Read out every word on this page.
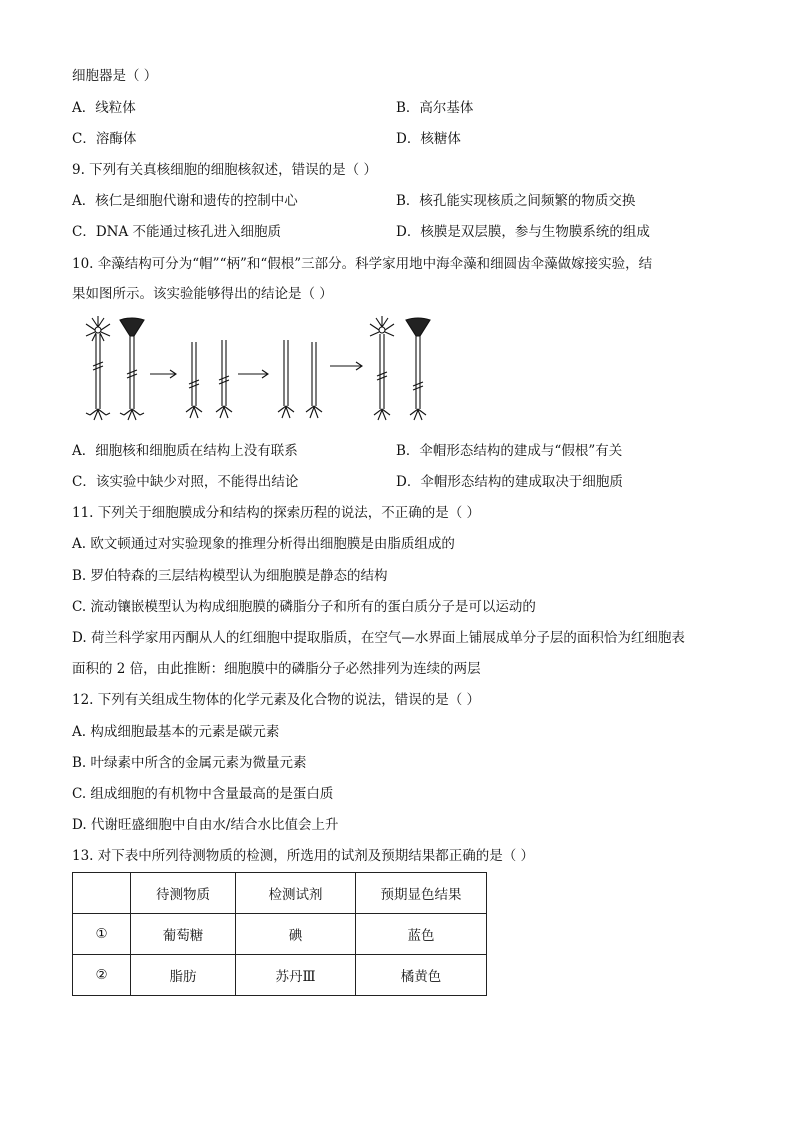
细胞器是（ ）
A．线粒体	B．高尔基体
C．溶酶体	D．核糖体
9. 下列有关真核细胞的细胞核叙述，错误的是（ ）
A．核仁是细胞代谢和遗传的控制中心	B．核孔能实现核质之间频繁的物质交换
C．DNA 不能通过核孔进入细胞质	D．核膜是双层膜，参与生物膜系统的组成
10. 伞藻结构可分为“帽”“柄”和“假根”三部分。科学家用地中海伞藻和细圆齿伞藻做嫁接实验，结
果如图所示。该实验能够得出的结论是（ ）
A．细胞核和细胞质在结构上没有联系	B．伞帽形态结构的建成与“假根”有关
C．该实验中缺少对照，不能得出结论	D．伞帽形态结构的建成取决于细胞质
11. 下列关于细胞膜成分和结构的探索历程的说法，不正确的是（ ）
A. 欧文顿通过对实验现象的推理分析得出细胞膜是由脂质组成的
B. 罗伯特森的三层结构模型认为细胞膜是静态的结构
C. 流动镶嵌模型认为构成细胞膜的磷脂分子和所有的蛋白质分子是可以运动的
D. 荷兰科学家用丙酮从人的红细胞中提取脂质，在空气—水界面上铺展成单分子层的面积恰为红细胞表
面积的 2 倍，由此推断：细胞膜中的磷脂分子必然排列为连续的两层
12. 下列有关组成生物体的化学元素及化合物的说法，错误的是（ ）
A. 构成细胞最基本的元素是碳元素
B. 叶绿素中所含的金属元素为微量元素
C. 组成细胞的有机物中含量最高的是蛋白质
D. 代谢旺盛细胞中自由水/结合水比值会上升
13. 对下表中所列待测物质的检测，所选用的试剂及预期结果都正确的是（ ）
	待测物质	检测试剂	预期显色结果
①	葡萄糖	碘	蓝色
②	脂肪	苏丹Ⅲ	橘黄色
